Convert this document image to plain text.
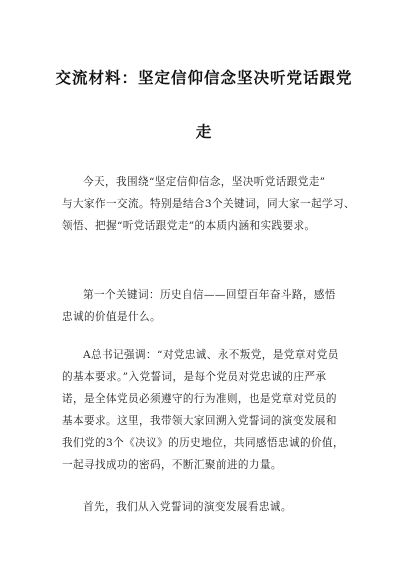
交流材料：坚定信仰信念坚决听党话跟党
走
今天，我围绕“坚定信仰信念，坚决听党话跟党走”
与大家作一交流。特别是结合3个关键词，同大家一起学习、
领悟、把握“听党话跟党走”的本质内涵和实践要求。
第一个关键词：历史自信——回望百年奋斗路，感悟
忠诚的价值是什么。
A总书记强调：“对党忠诚、永不叛党，是党章对党员
的基本要求。”入党誓词，是每个党员对党忠诚的庄严承
诺，是全体党员必须遵守的行为准则，也是党章对党员的
基本要求。这里，我带领大家回溯入党誓词的演变发展和
我们党的3个《决议》的历史地位，共同感悟忠诚的价值，
一起寻找成功的密码，不断汇聚前进的力量。
首先，我们从入党誓词的演变发展看忠诚。
